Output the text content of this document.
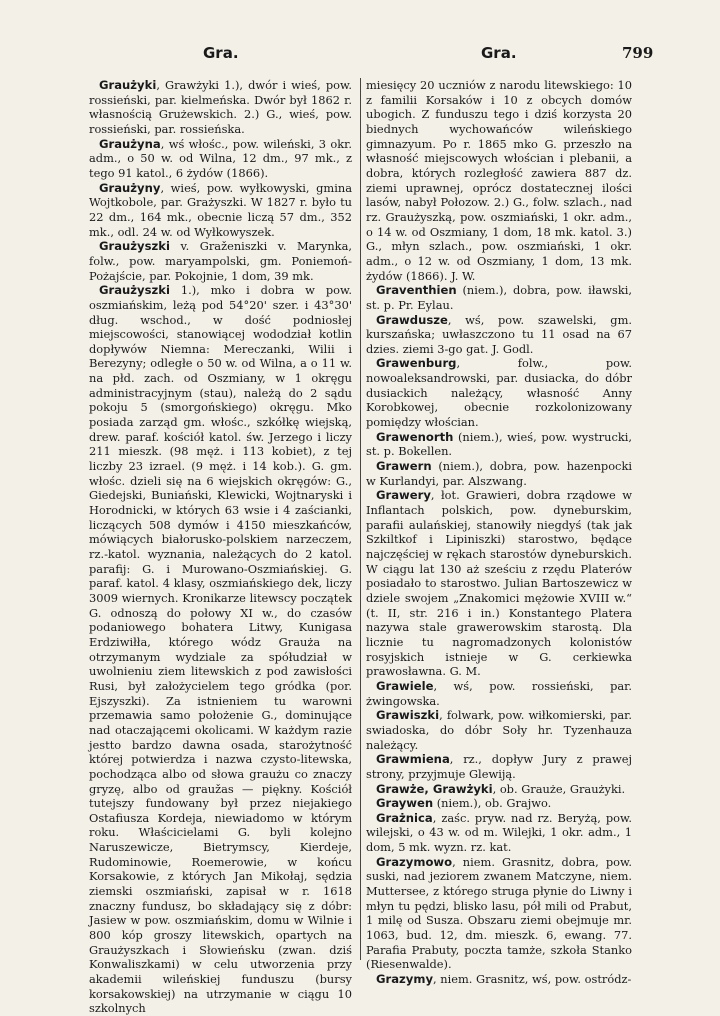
Gra.	Gra.	799

Graużyki, Grawżyki 1.), dwór i wieś, pow. rossieński, par. kielmeńska. Dwór był 1862 r. własnością Grużewskich. 2.) G., wieś, pow. rossieński, par. rossieńska.

Graużyna, wś włośc., pow. wileński, 3 okr. adm., o 50 w. od Wilna, 12 dm., 97 mk., z tego 91 katol., 6 żydów (1866).

Graużyny, wieś, pow. wyłkowyski, gmina Wojtkobole, par. Grażyszki. W 1827 r. było tu 22 dm., 164 mk., obecnie liczą 57 dm., 352 mk., odl. 24 w. od Wyłkowyszek.

Graużyszki v. Graženiszki v. Marynka, folw., pow. maryampolski, gm. Poniemoń-Pożajście, par. Pokojnie, 1 dom, 39 mk.

Graużyszki 1.), mko i dobra w pow. oszmiańskim, leżą pod 54°20' szer. i 43°30' dług. wschod., w dość podniosłej miejscowości, stanowiącej wododział kotlin dopływów Niemna: Mereczanki, Wilii i Berezyny; odległe o 50 w. od Wilna, a o 11 w. na płd. zach. od Oszmiany, w 1 okręgu administracyjnym (stau), należą do 2 sądu pokoju 5 (smorgońskiego) okręgu. Mko posiada zarząd gm. włośc., szkółkę wiejską, drew. paraf. kościół katol. św. Jerzego i liczy 211 mieszk. (98 męż. i 113 kobiet), z tej liczby 23 izrael. (9 męż. i 14 kob.). G. gm. włośc. dzieli się na 6 wiejskich okręgów: G., Giedejski, Buniański, Klewicki, Wojtnaryski i Horodnicki, w których 63 wsie i 4 zaścianki, liczących 508 dymów i 4150 mieszkańców, mówiących białorusko-polskiem narzeczem, rz.-katol. wyznania, należących do 2 katol. parafij: G. i Murowano-Oszmiańskiej. G. paraf. katol. 4 klasy, oszmiańskiego dek, liczy 3009 wiernych. Kronikarze litewscy początek G. odnoszą do połowy XI w., do czasów podaniowego bohatera Litwy, Kunigasa Erdziwiłła, którego wódz Grauża na otrzymanym wydziale za spółudział w uwolnieniu ziem litewskich z pod zawisłości Rusi, był założycielem tego gródka (por. Ejszyszki). Za istnieniem tu warowni przemawia samo położenie G., dominujące nad otaczającemi okolicami. W każdym razie jestto bardzo dawna osada, starożytność której potwierdza i nazwa czysto-litewska, pochodząca albo od słowa graużu co znaczy gryzę, albo od graužas — piękny. Kościół tutejszy fundowany był przez niejakiego Ostafiusza Kordeja, niewiadomo w którym roku. Właścicielami G. byli kolejno Naruszewicze, Bietrymscy, Kierdeje, Rudominowie, Roemerowie, w końcu Korsakowie, z których Jan Mikołaj, sędzia ziemski oszmiański, zapisał w r. 1618 znaczny fundusz, bo składający się z dóbr: Jasiew w pow. oszmiańskim, domu w Wilnie i 800 kóp groszy litewskich, opartych na Graużyszkach i Słowieńsku (zwan. dziś Konwaliszkami) w celu utworzenia przy akademii wileńskiej funduszu (bursy korsakowskiej) na utrzymanie w ciągu 10 szkolnych

miesięcy 20 uczniów z narodu litewskiego: 10 z familii Korsaków i 10 z obcych domów ubogich. Z funduszu tego i dziś korzysta 20 biednych wychowańców wileńskiego gimnazyum. Po r. 1865 mko G. przeszło na własność miejscowych włościan i plebanii, a dobra, których rozległość zawiera 887 dz. ziemi uprawnej, oprócz dostatecznej ilości lasów, nabył Połozow. 2.) G., folw. szlach., nad rz. Graużyszką, pow. oszmiański, 1 okr. adm., o 14 w. od Oszmiany, 1 dom, 18 mk. katol. 3.) G., młyn szlach., pow. oszmiański, 1 okr. adm., o 12 w. od Oszmiany, 1 dom, 13 mk. żydów (1866). J. W.

Graventhien (niem.), dobra, pow. iławski, st. p. Pr. Eylau.

Grawdusze, wś, pow. szawelski, gm. kurszańska; uwłaszczono tu 11 osad na 67 dzies. ziemi 3-go gat. J. Godl.

Grawenburg, folw., pow. nowoaleksandrowski, par. dusiacka, do dóbr dusiackich należący, własność Anny Korobkowej, obecnie rozkolonizowany pomiędzy włościan.

Grawenorth (niem.), wieś, pow. wystrucki, st. p. Bokellen.

Grawern (niem.), dobra, pow. hazenpocki w Kurlandyi, par. Alszwang.

Grawery, łot. Grawieri, dobra rządowe w Inflantach polskich, pow. dyneburskim, parafii aulańskiej, stanowiły niegdyś (tak jak Szkiltkof i Lipiniszki) starostwo, będące najczęściej w rękach starostów dyneburskich. W ciągu lat 130 aż sześciu z rzędu Platerów posiadało to starostwo. Julian Bartoszewicz w dziele swojem „Znakomici mężowie XVIII w.“ (t. II, str. 216 i in.) Konstantego Platera nazywa stale grawerowskim starostą. Dla licznie tu nagromadzonych kolonistów rosyjskich istnieje w G. cerkiewka prawosławna. G. M.

Grawiele, wś, pow. rossieński, par. żwingowska.

Grawiszki, folwark, pow. wiłkomierski, par. swiadoska, do dóbr Soły hr. Tyzenhauza należący.

Grawmiena, rz., dopływ Jury z prawej strony, przyjmuje Glewiją.

Grawże, Grawżyki, ob. Grauże, Graużyki.

Graywen (niem.), ob. Grajwo.

Grażnica, zaśc. pryw. nad rz. Beryżą, pow. wilejski, o 43 w. od m. Wilejki, 1 okr. adm., 1 dom, 5 mk. wyzn. rz. kat.

Grazymowo, niem. Grasnitz, dobra, pow. suski, nad jeziorem zwanem Matczyne, niem. Muttersee, z którego struga płynie do Liwny i młyn tu pędzi, blisko lasu, pół mili od Prabut, 1 milę od Susza. Obszaru ziemi obejmuje mr. 1063, bud. 12, dm. mieszk. 6, ewang. 77. Parafia Prabuty, poczta tamże, szkoła Stanko (Riesenwalde).

Grazymy, niem. Grasnitz, wś, pow. ostródz-
